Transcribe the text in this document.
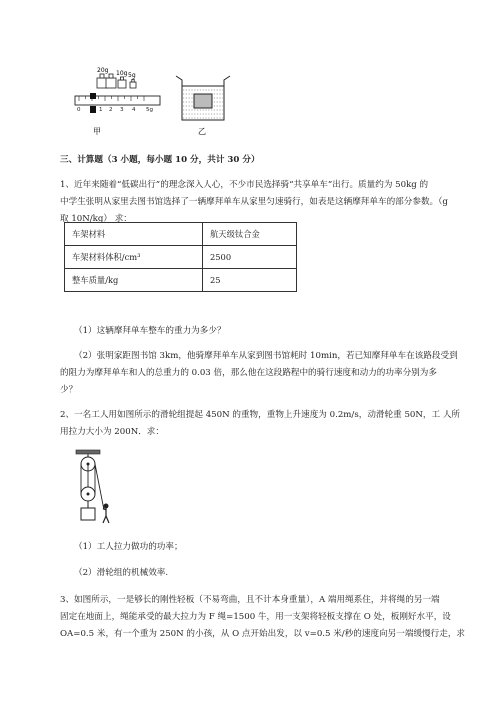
20g 10g 5g
0	1 2 3 4 5g
甲	乙
三、计算题（3 小题，每小题 10 分，共计 30 分）
1、近年来随着“低碳出行”的理念深入人心，不少市民选择骑“共享单车”出行。质量约为 50kg 的
中学生张明从家里去图书馆选择了一辆摩拜单车从家里匀速骑行，如表是这辆摩拜单车的部分参数。（g
取 10N/kg） 求：
车架材料	航天级钛合金
车架材料体积/cm³	2500
整车质量/kg	25
（1）这辆摩拜单车整车的重力为多少？
（2）张明家距图书馆 3km，他骑摩拜单车从家到图书馆耗时 10min，若已知摩拜单车在该路段受到
的阻力为摩拜单车和人的总重力的 0.03 倍，那么他在这段路程中的骑行速度和动力的功率分别为多
少？
2、一名工人用如图所示的滑轮组提起 450N 的重物，重物上升速度为 0.2m/s，动滑轮重 50N，工 人所
用拉力大小为 200N．求：
（1）工人拉力做功的功率；
（2）滑轮组的机械效率.
3、如图所示，一是够长的刚性轻板（不易弯曲，且不计本身重量），A 端用绳系住，并将绳的另一端
固定在地面上，绳能承受的最大拉力为 F 绳=1500 牛，用一支架将轻板支撑在 O 处，板刚好水平，设
OA=0.5 米，有一个重为 250N 的小孩，从 O 点开始出发，以 v=0.5 米/秒的速度向另一端缓慢行走，求
